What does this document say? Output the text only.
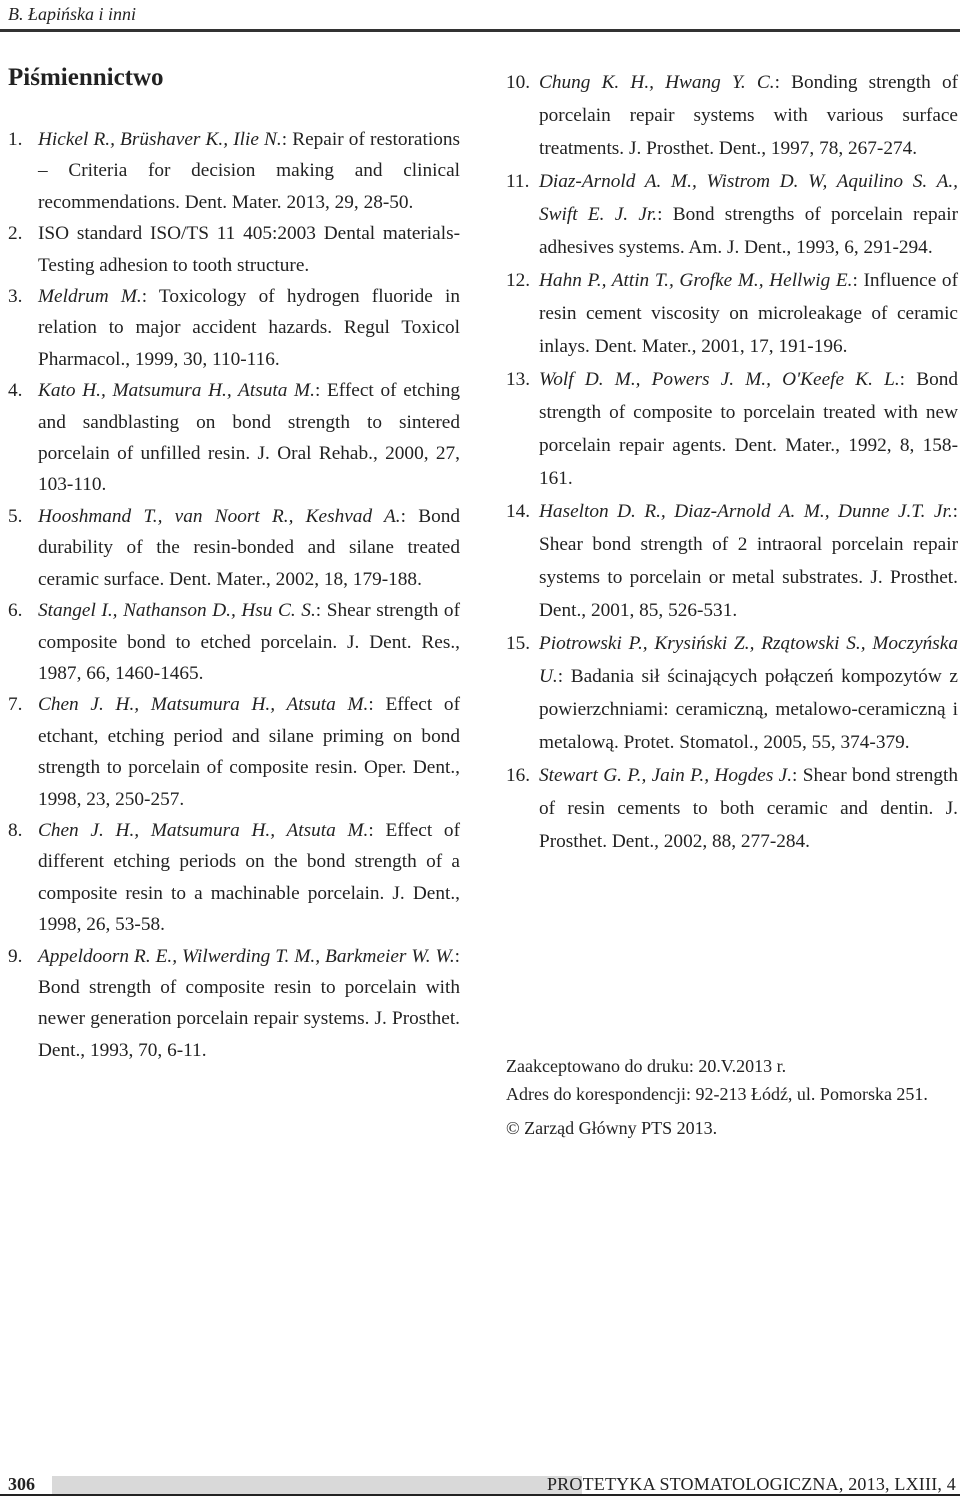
B. Łapińska i inni
Piśmiennictwo
1. Hickel R., Brüshaver K., Ilie N.: Repair of restorations – Criteria for decision making and clinical recommendations. Dent. Mater. 2013, 29, 28-50.
2. ISO standard ISO/TS 11 405:2003 Dental materials-Testing adhesion to tooth structure.
3. Meldrum M.: Toxicology of hydrogen fluoride in relation to major accident hazards. Regul Toxicol Pharmacol., 1999, 30, 110-116.
4. Kato H., Matsumura H., Atsuta M.: Effect of etching and sandblasting on bond strength to sintered porcelain of unfilled resin. J. Oral Rehab., 2000, 27, 103-110.
5. Hooshmand T., van Noort R., Keshvad A.: Bond durability of the resin-bonded and silane treated ceramic surface. Dent. Mater., 2002, 18, 179-188.
6. Stangel I., Nathanson D., Hsu C. S.: Shear strength of composite bond to etched porcelain. J. Dent. Res., 1987, 66, 1460-1465.
7. Chen J. H., Matsumura H., Atsuta M.: Effect of etchant, etching period and silane priming on bond strength to porcelain of composite resin. Oper. Dent., 1998, 23, 250-257.
8. Chen J. H., Matsumura H., Atsuta M.: Effect of different etching periods on the bond strength of a composite resin to a machinable porcelain. J. Dent., 1998, 26, 53-58.
9. Appeldoorn R. E., Wilwerding T. M., Barkmeier W. W.: Bond strength of composite resin to porcelain with newer generation porcelain repair systems. J. Prosthet. Dent., 1993, 70, 6-11.
10. Chung K. H., Hwang Y. C.: Bonding strength of porcelain repair systems with various surface treatments. J. Prosthet. Dent., 1997, 78, 267-274.
11. Diaz-Arnold A. M., Wistrom D. W, Aquilino S. A., Swift E. J. Jr.: Bond strengths of porcelain repair adhesives systems. Am. J. Dent., 1993, 6, 291-294.
12. Hahn P., Attin T., Grofke M., Hellwig E.: Influence of resin cement viscosity on microleakage of ceramic inlays. Dent. Mater., 2001, 17, 191-196.
13. Wolf D. M., Powers J. M., O'Keefe K. L.: Bond strength of composite to porcelain treated with new porcelain repair agents. Dent. Mater., 1992, 8, 158-161.
14. Haselton D. R., Diaz-Arnold A. M., Dunne J.T. Jr.: Shear bond strength of 2 intraoral porcelain repair systems to porcelain or metal substrates. J. Prosthet. Dent., 2001, 85, 526-531.
15. Piotrowski P., Krysiński Z., Rzątowski S., Moczyńska U.: Badania sił ścinających połączeń kompozytów z powierzchniami: ceramiczną, metalowo-ceramiczną i metalową. Protet. Stomatol., 2005, 55, 374-379.
16. Stewart G. P., Jain P., Hogdes J.: Shear bond strength of resin cements to both ceramic and dentin. J. Prosthet. Dent., 2002, 88, 277-284.

Zaakceptowano do druku: 20.V.2013 r.

Adres do korespondencji: 92-213 Łódź, ul. Pomorska 251.

© Zarząd Główny PTS 2013.

306	PROTETYKA STOMATOLOGICZNA, 2013, LXIII, 4
